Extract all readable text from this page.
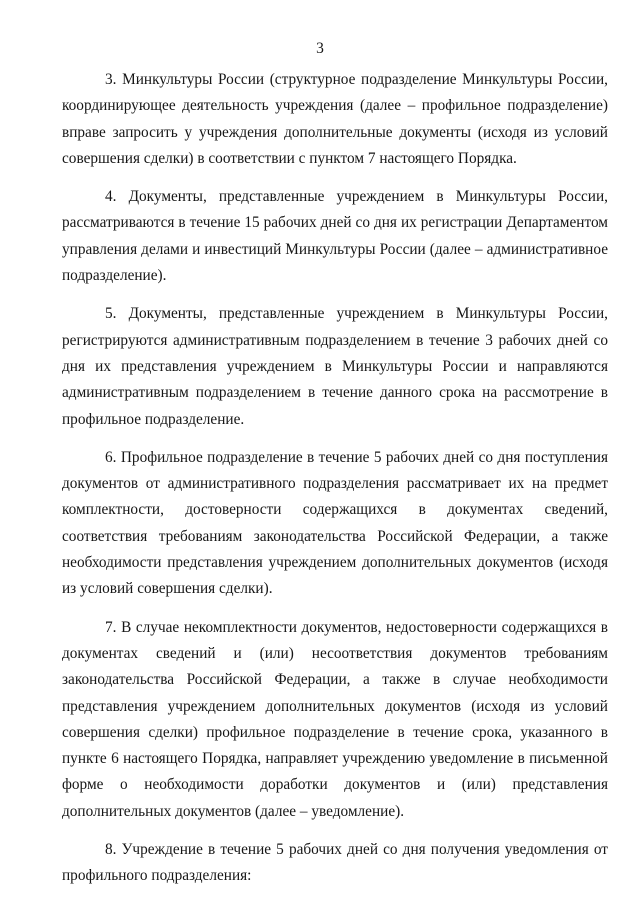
3

3. Минкультуры России (структурное подразделение Минкультуры России, координирующее деятельность учреждения (далее – профильное подразделение) вправе запросить у учреждения дополнительные документы (исходя из условий совершения сделки) в соответствии с пунктом 7 настоящего Порядка.

4. Документы, представленные учреждением в Минкультуры России, рассматриваются в течение 15 рабочих дней со дня их регистрации Департаментом управления делами и инвестиций Минкультуры России (далее – административное подразделение).

5. Документы, представленные учреждением в Минкультуры России, регистрируются административным подразделением в течение 3 рабочих дней со дня их представления учреждением в Минкультуры России и направляются административным подразделением в течение данного срока на рассмотрение в профильное подразделение.

6. Профильное подразделение в течение 5 рабочих дней со дня поступления документов от административного подразделения рассматривает их на предмет комплектности, достоверности содержащихся в документах сведений, соответствия требованиям законодательства Российской Федерации, а также необходимости представления учреждением дополнительных документов (исходя из условий совершения сделки).

7. В случае некомплектности документов, недостоверности содержащихся в документах сведений и (или) несоответствия документов требованиям законодательства Российской Федерации, а также в случае необходимости представления учреждением дополнительных документов (исходя из условий совершения сделки) профильное подразделение в течение срока, указанного в пункте 6 настоящего Порядка, направляет учреждению уведомление в письменной форме о необходимости доработки документов и (или) представления дополнительных документов (далее – уведомление).

8. Учреждение в течение 5 рабочих дней со дня получения уведомления от профильного подразделения:
